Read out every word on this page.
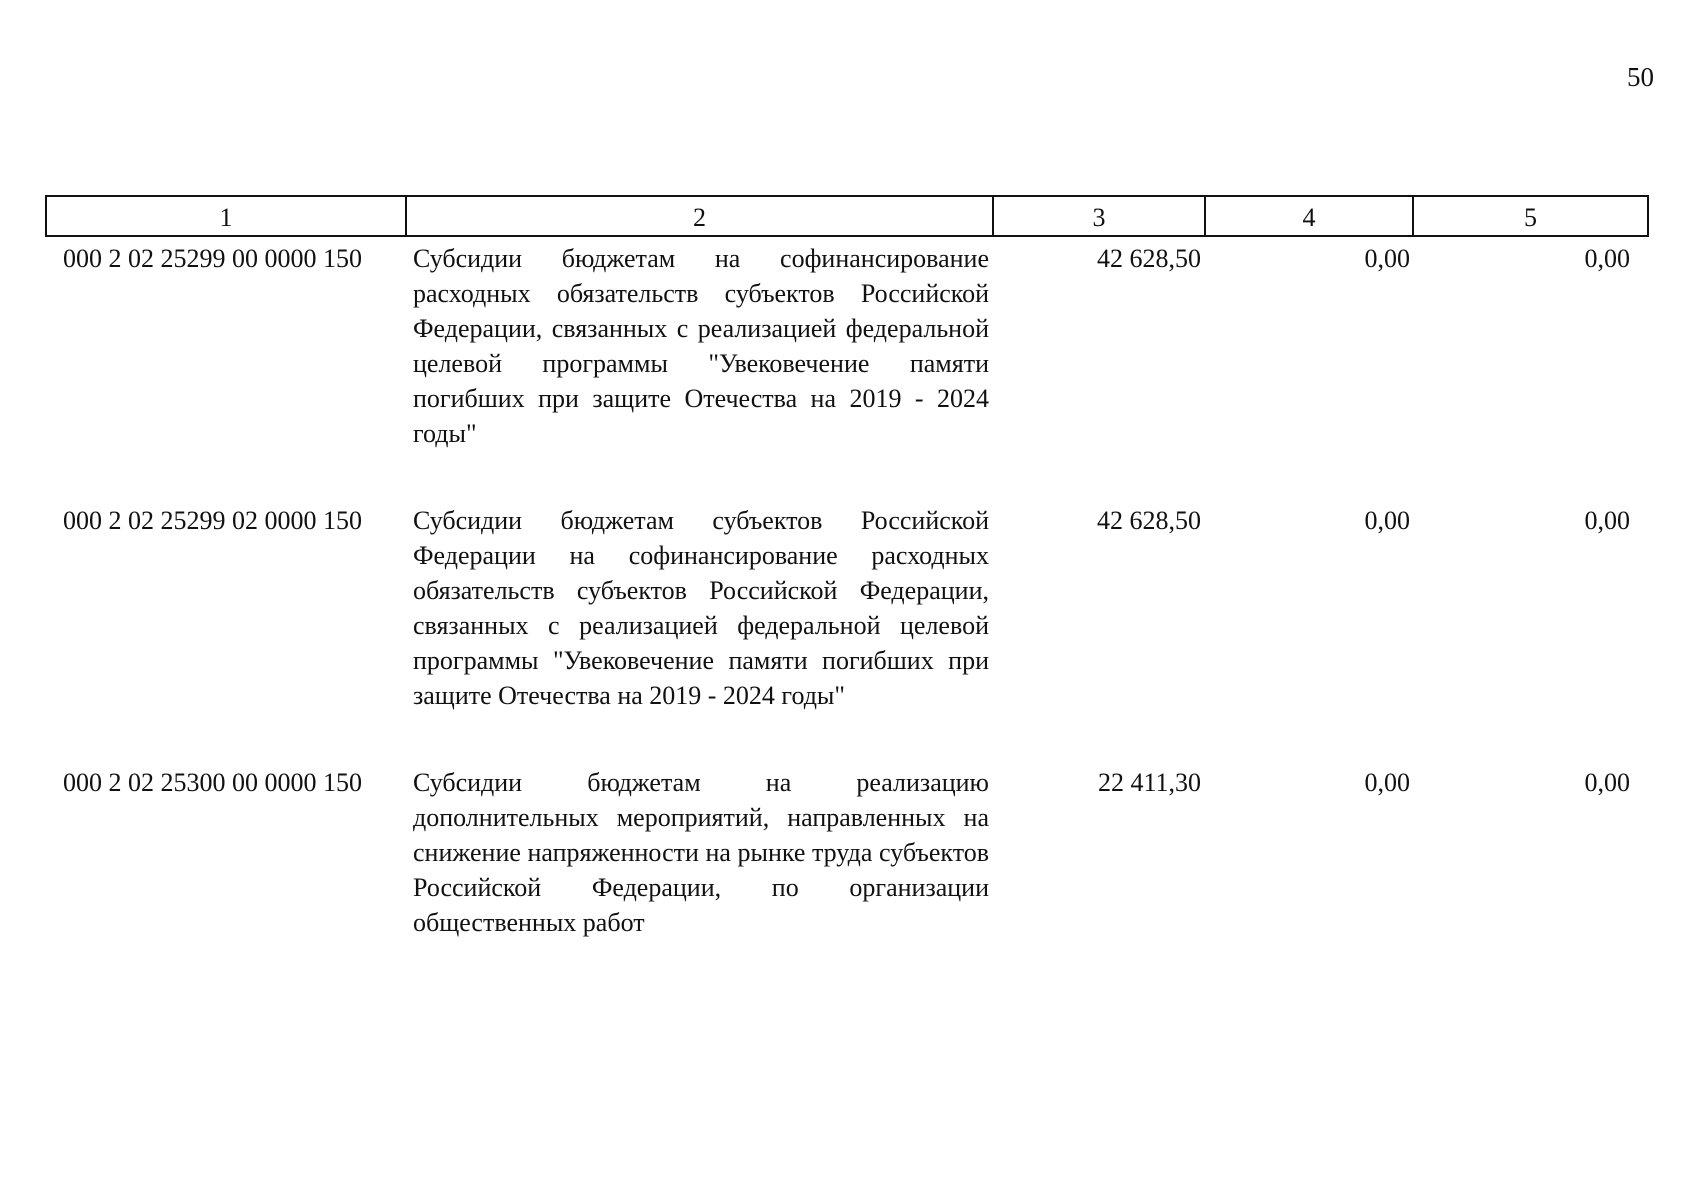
50
1	2	3	4	5
000 2 02 25299 00 0000 150	Субсидии бюджетам на софинансирование расходных обязательств субъектов Российской Федерации, связанных с реализацией федеральной целевой программы "Увековечение памяти погибших при защите Отечества на 2019 - 2024 годы"	42 628,50	0,00	0,00
000 2 02 25299 02 0000 150	Субсидии бюджетам субъектов Российской Федерации на софинансирование расходных обязательств субъектов Российской Федерации, связанных с реализацией федеральной целевой программы "Увековечение памяти погибших при защите Отечества на 2019 - 2024 годы"	42 628,50	0,00	0,00
000 2 02 25300 00 0000 150	Субсидии бюджетам на реализацию дополнительных мероприятий, направленных на снижение напряженности на рынке труда субъектов Российской Федерации, по организации общественных работ	22 411,30	0,00	0,00
